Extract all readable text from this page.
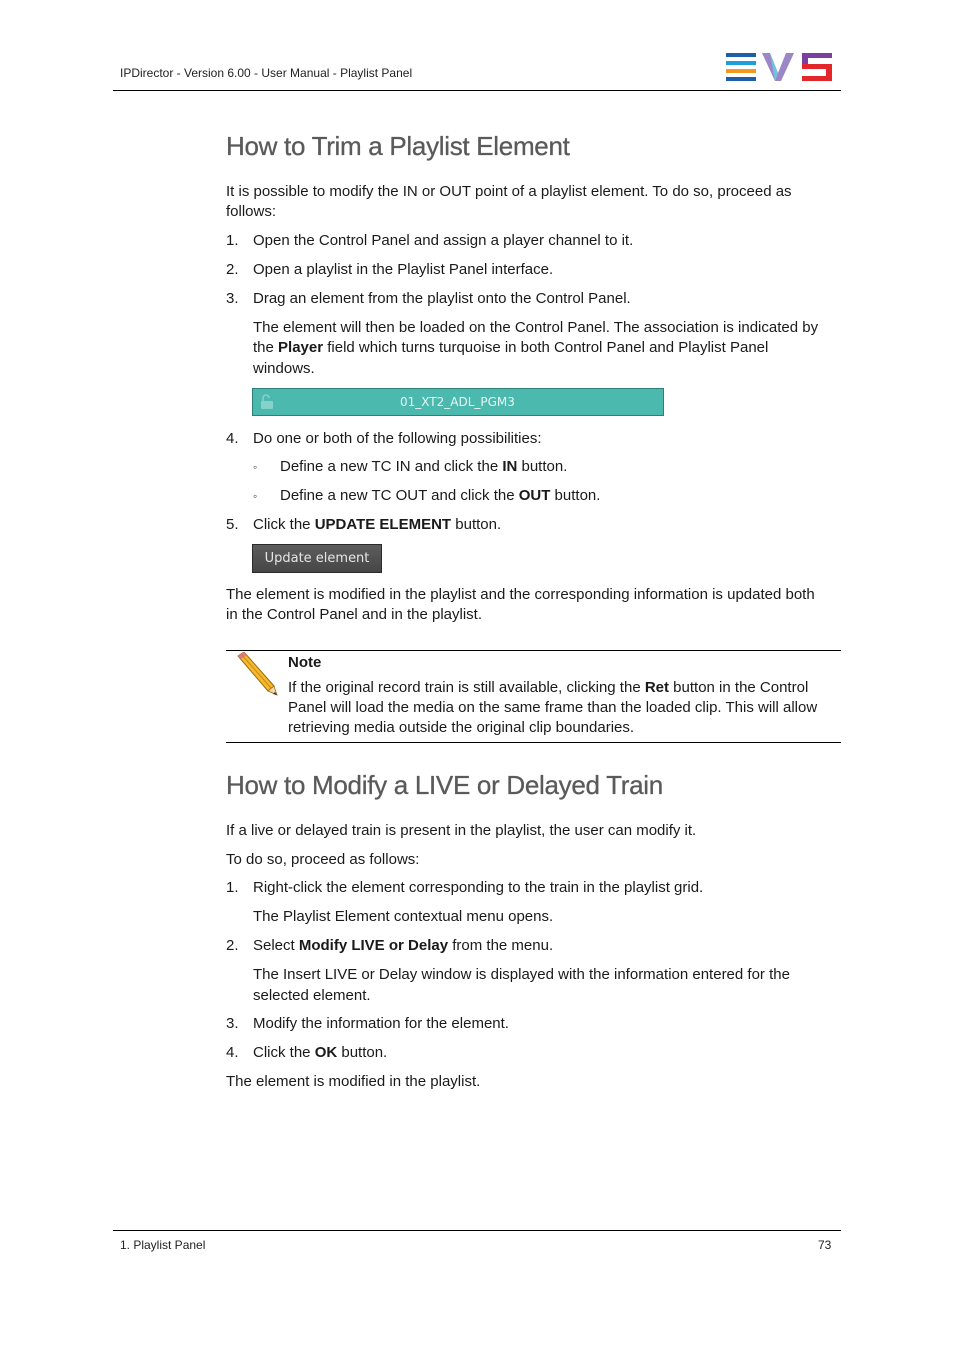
IPDirector - Version 6.00 - User Manual - Playlist Panel
How to Trim a Playlist Element
It is possible to modify the IN or OUT point of a playlist element. To do so, proceed as
follows:
1. Open the Control Panel and assign a player channel to it.
2. Open a playlist in the Playlist Panel interface.
3. Drag an element from the playlist onto the Control Panel.
The element will then be loaded on the Control Panel. The association is indicated by
the Player field which turns turquoise in both Control Panel and Playlist Panel
windows.
01_XT2_ADL_PGM3
4. Do one or both of the following possibilities:
◦ Define a new TC IN and click the IN button.
◦ Define a new TC OUT and click the OUT button.
5. Click the UPDATE ELEMENT button.
Update element
The element is modified in the playlist and the corresponding information is updated both
in the Control Panel and in the playlist.
Note
If the original record train is still available, clicking the Ret button in the Control
Panel will load the media on the same frame than the loaded clip. This will allow
retrieving media outside the original clip boundaries.
How to Modify a LIVE or Delayed Train
If a live or delayed train is present in the playlist, the user can modify it.
To do so, proceed as follows:
1. Right-click the element corresponding to the train in the playlist grid.
The Playlist Element contextual menu opens.
2. Select Modify LIVE or Delay from the menu.
The Insert LIVE or Delay window is displayed with the information entered for the
selected element.
3. Modify the information for the element.
4. Click the OK button.
The element is modified in the playlist.
1. Playlist Panel	73
